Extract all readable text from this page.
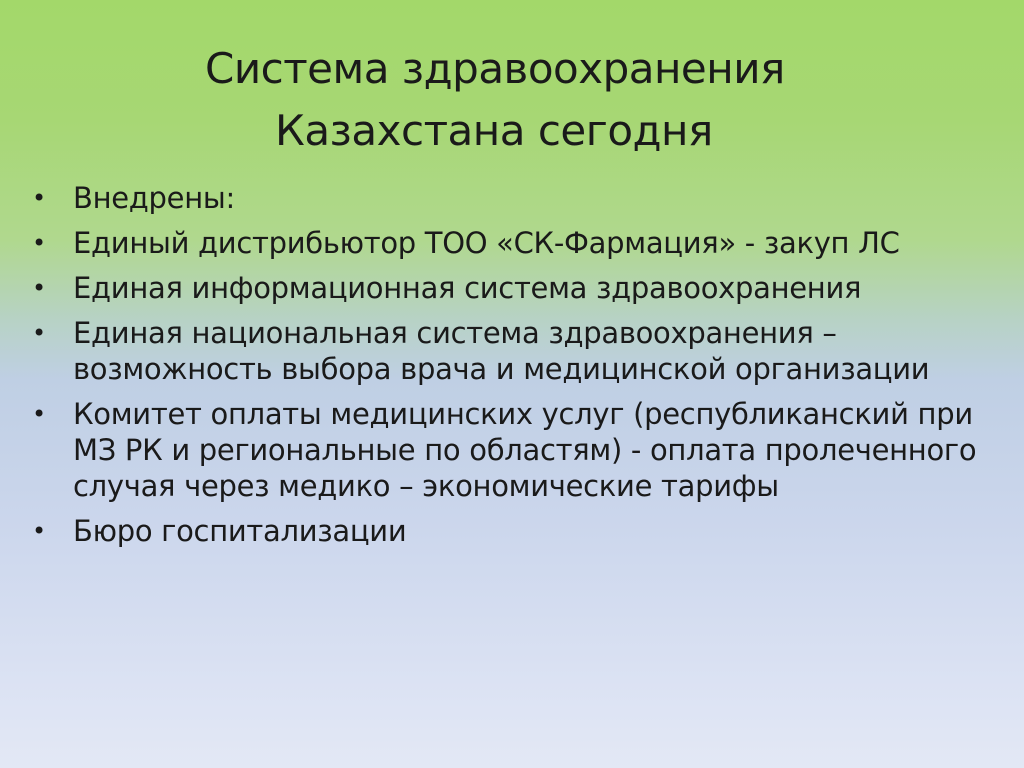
Система здравоохранения
Казахстана сегодня
• Внедрены:
• Единый дистрибьютор ТОО «СК-Фармация» - закуп ЛС
• Единая информационная система здравоохранения
• Единая национальная система здравоохранения – возможность выбора врача и медицинской организации
• Комитет оплаты медицинских услуг (республиканский при МЗ РК и региональные по областям) - оплата пролеченного случая через медико – экономические тарифы
• Бюро госпитализации
